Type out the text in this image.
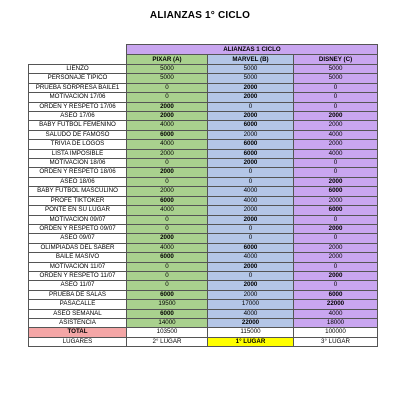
ALIANZAS 1° CICLO
	ALIANZAS 1 CICLO		
	PIXAR (A)	MARVEL (B)	DISNEY (C)
LIENZO	5000	5000	5000
PERSONAJE TIPICO	5000	5000	5000
PRUEBA SORPRESA BAILE1	0	2000	0
MOTIVACION 17/06	0	2000	0
ORDEN Y RESPETO 17/06	2000	0	0
ASEO 17/06	2000	2000	2000
BABY FUTBOL FEMENINO	4000	6000	2000
SALUDO DE FAMOSO	6000	2000	4000
TRIVIA DE LOGOS	4000	6000	2000
LISTA IMPOSIBLE	2000	6000	4000
MOTIVACION 18/06	0	2000	0
ORDEN Y RESPETO 18/06	2000	0	0
ASEO 18/06	0	0	2000
BABY FUTBOL MASCULINO	2000	4000	6000
PROFE TIKTOKER	6000	4000	2000
PONTE EN SU LUGAR	4000	2000	6000
MOTIVACION 09/07	0	2000	0
ORDEN Y RESPETO 09/07	0	0	2000
ASEO 09/07	2000	0	0
OLIMPIADAS DEL SABER	4000	6000	2000
BAILE MASIVO	6000	4000	2000
MOTIVACION 11/07	0	2000	0
ORDEN Y RESPETO 11/07	0	0	2000
ASEO 11/07	0	2000	0
PRUEBA DE SALAS	6000	2000	6000
PASACALLE	19500	17000	22000
ASEO SEMANAL	6000	4000	4000
ASISTENCIA	14000	22000	18000
TOTAL	103500	115000	100000
LUGARES	2° LUGAR	1° LUGAR	3° LUGAR
